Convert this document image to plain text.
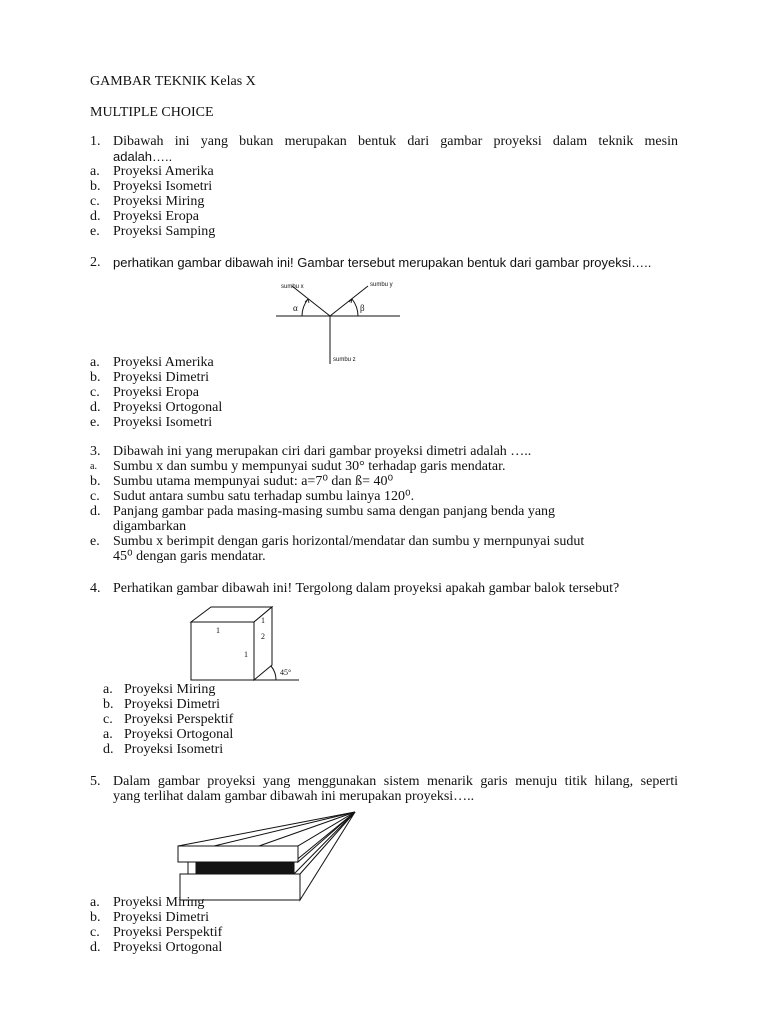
GAMBAR TEKNIK Kelas X
MULTIPLE CHOICE
1. Dibawah ini yang bukan merupakan bentuk dari gambar proyeksi dalam teknik mesin
adalah…..
a. Proyeksi Amerika
b. Proyeksi Isometri
c. Proyeksi Miring
d. Proyeksi Eropa
e. Proyeksi Samping
2. perhatikan gambar dibawah ini! Gambar tersebut merupakan bentuk dari gambar proyeksi…..
α	β
sumbu x	sumbu y
sumbu z
a. Proyeksi Amerika
b. Proyeksi Dimetri
c. Proyeksi Eropa
d. Proyeksi Ortogonal
e. Proyeksi Isometri
3. Dibawah ini yang merupakan ciri dari gambar proyeksi dimetri adalah …..
a.	Sumbu x dan sumbu y mempunyai sudut 30° terhadap garis mendatar.
b. Sumbu utama mempunyai sudut: a=7⁰ dan ß= 40⁰
c. Sudut antara sumbu satu terhadap sumbu lainya 120⁰.
d. Panjang gambar pada masing-masing sumbu sama dengan panjang benda yang
digambarkan
e. Sumbu x berimpit dengan garis horizontal/mendatar dan sumbu y mernpunyai sudut
45⁰ dengan garis mendatar.
4. Perhatikan gambar dibawah ini! Tergolong dalam proyeksi apakah gambar balok tersebut?
1
1
2
1
45°
a. Proyeksi Miring
b. Proyeksi Dimetri
c. Proyeksi Perspektif
a. Proyeksi Ortogonal
d. Proyeksi Isometri
5. Dalam gambar proyeksi yang menggunakan sistem menarik garis menuju titik hilang, seperti
yang terlihat dalam gambar dibawah ini merupakan proyeksi…..
a. Proyeksi Miring
b. Proyeksi Dimetri
c. Proyeksi Perspektif
d. Proyeksi Ortogonal
